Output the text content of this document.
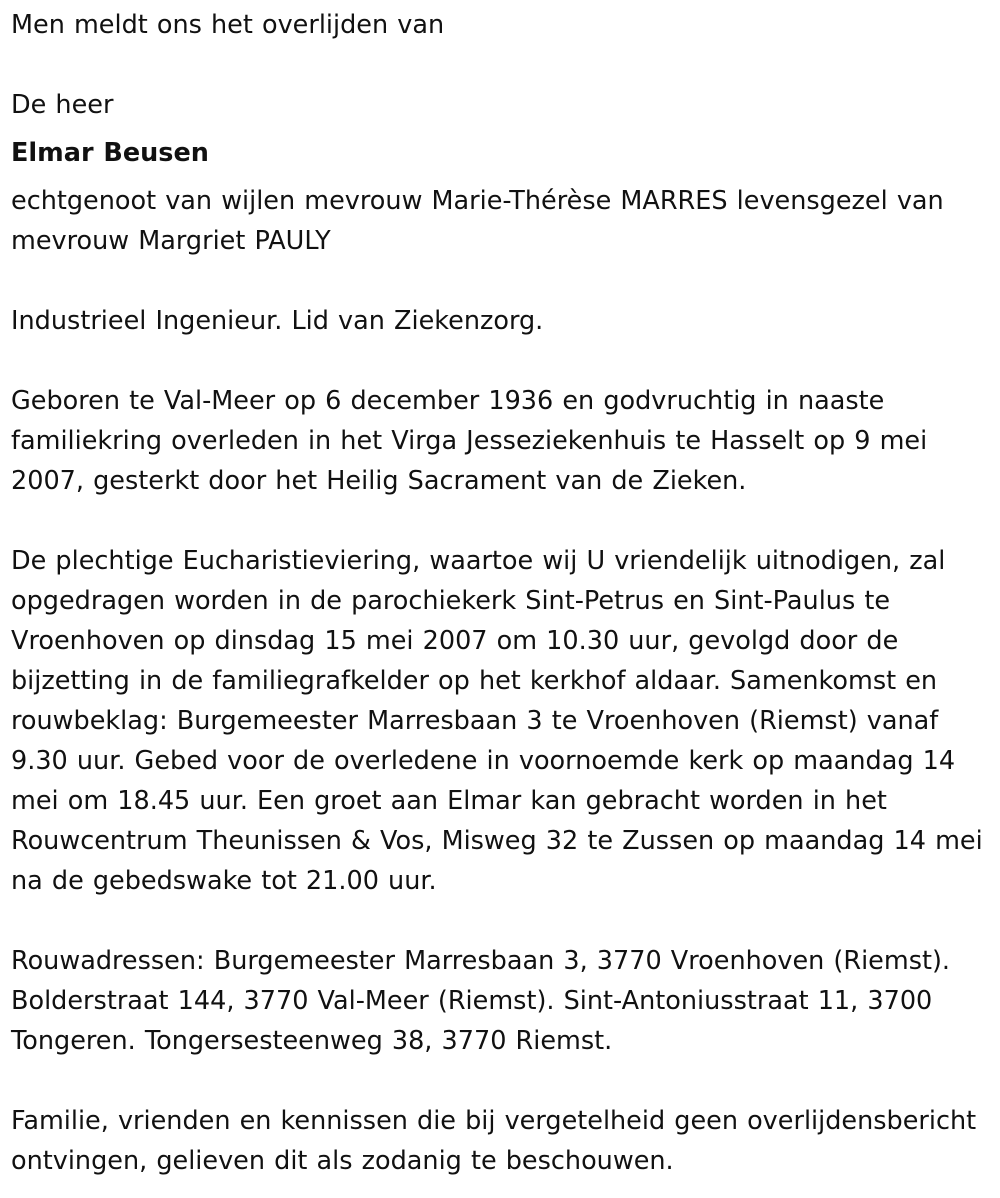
Men meldt ons het overlijden van

De heer

Elmar Beusen

echtgenoot van wijlen mevrouw Marie-Thérèse MARRES levensgezel van mevrouw Margriet PAULY

Industrieel Ingenieur. Lid van Ziekenzorg.

Geboren te Val-Meer op 6 december 1936 en godvruchtig in naaste familiekring overleden in het Virga Jesseziekenhuis te Hasselt op 9 mei 2007, gesterkt door het Heilig Sacrament van de Zieken.

De plechtige Eucharistieviering, waartoe wij U vriendelijk uitnodigen, zal opgedragen worden in de parochiekerk Sint-Petrus en Sint-Paulus te Vroenhoven op dinsdag 15 mei 2007 om 10.30 uur, gevolgd door de bijzetting in de familiegrafkelder op het kerkhof aldaar. Samenkomst en rouwbeklag: Burgemeester Marresbaan 3 te Vroenhoven (Riemst) vanaf 9.30 uur. Gebed voor de overledene in voornoemde kerk op maandag 14 mei om 18.45 uur. Een groet aan Elmar kan gebracht worden in het Rouwcentrum Theunissen & Vos, Misweg 32 te Zussen op maandag 14 mei na de gebedswake tot 21.00 uur.

Rouwadressen: Burgemeester Marresbaan 3, 3770 Vroenhoven (Riemst). Bolderstraat 144, 3770 Val-Meer (Riemst). Sint-Antoniusstraat 11, 3700 Tongeren. Tongersesteenweg 38, 3770 Riemst.

Familie, vrienden en kennissen die bij vergetelheid geen overlijdensbericht ontvingen, gelieven dit als zodanig te beschouwen.
